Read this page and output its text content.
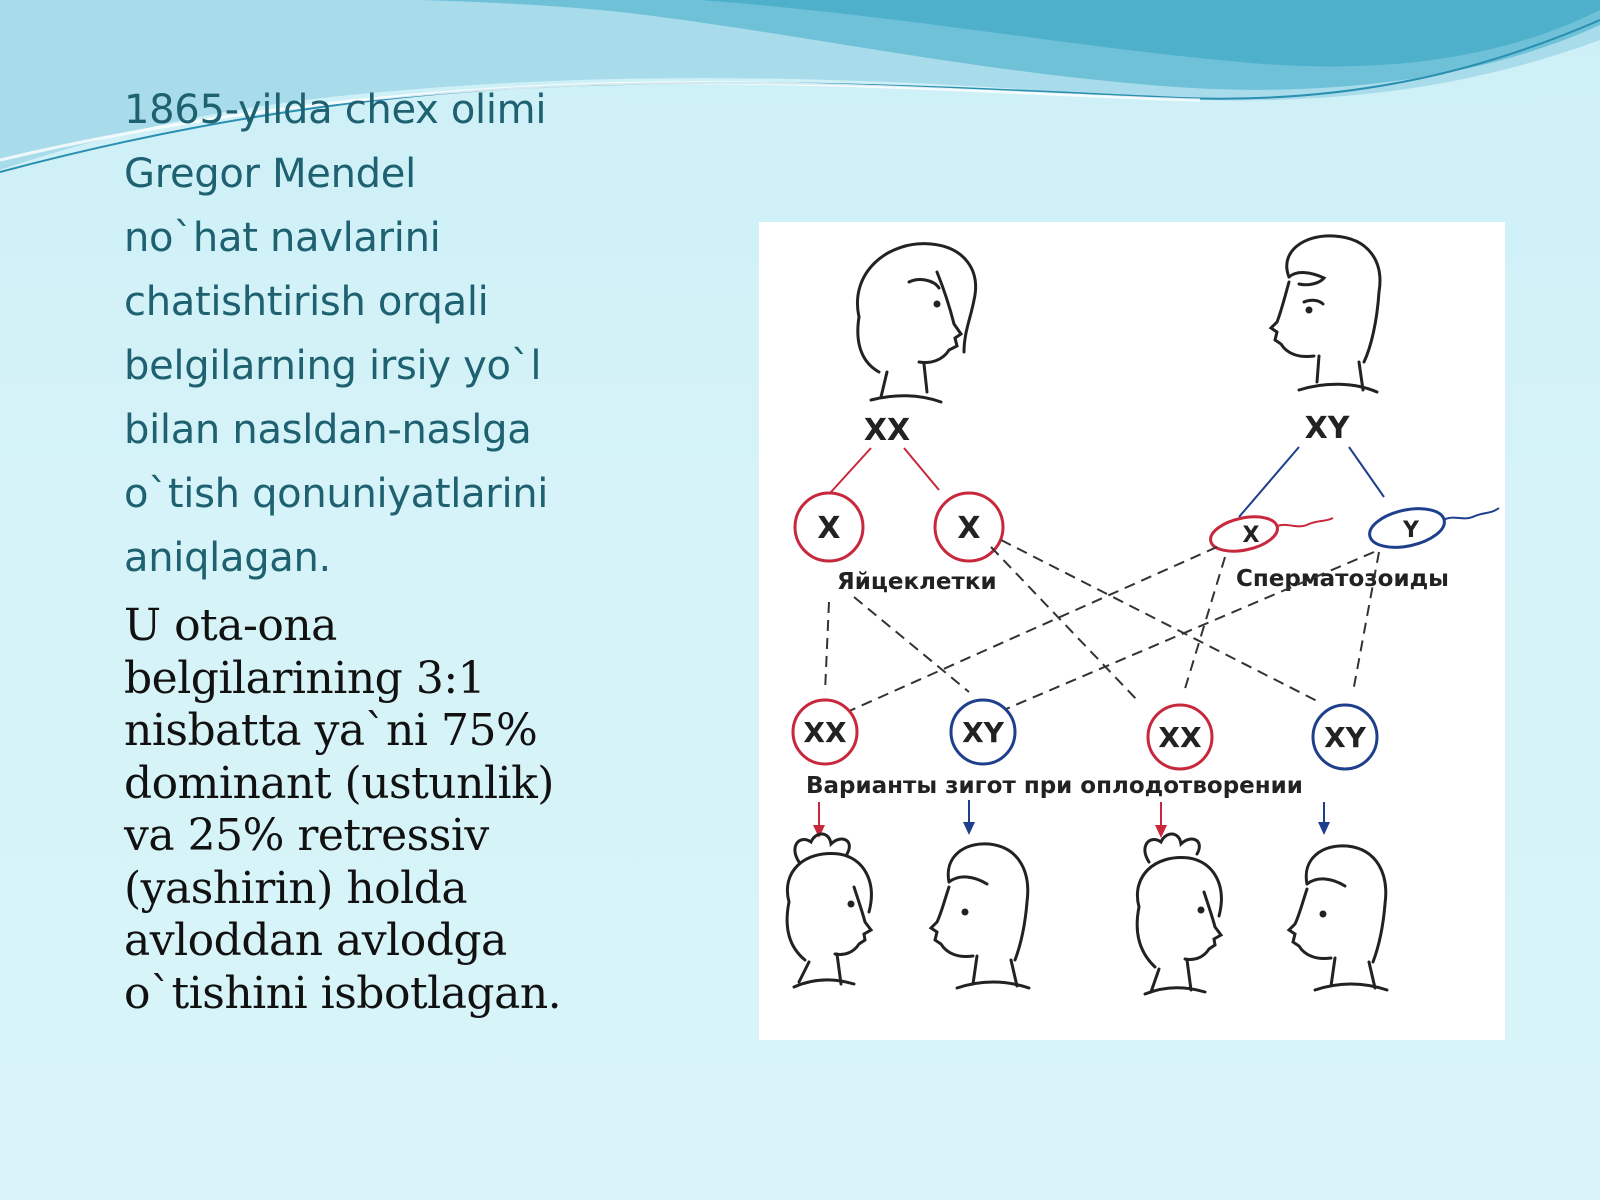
1865-yilda chex olimi
Gregor Mendel
no`hat navlarini
chatishtirish orqali
belgilarning irsiy yo`l
bilan nasldan-naslga
o`tish qonuniyatlarini
aniqlagan.

U ota-ona
belgilarining 3:1
nisbatta ya`ni 75%
dominant (ustunlik)
va 25% retressiv
(yashirin) holda
avloddan avlodga
o`tishini isbotlagan.

XX	XY
X	X	X	Y
Яйцеклетки	Сперматозоиды
XX	XY	XX	XY
Варианты зигот при оплодотворении
